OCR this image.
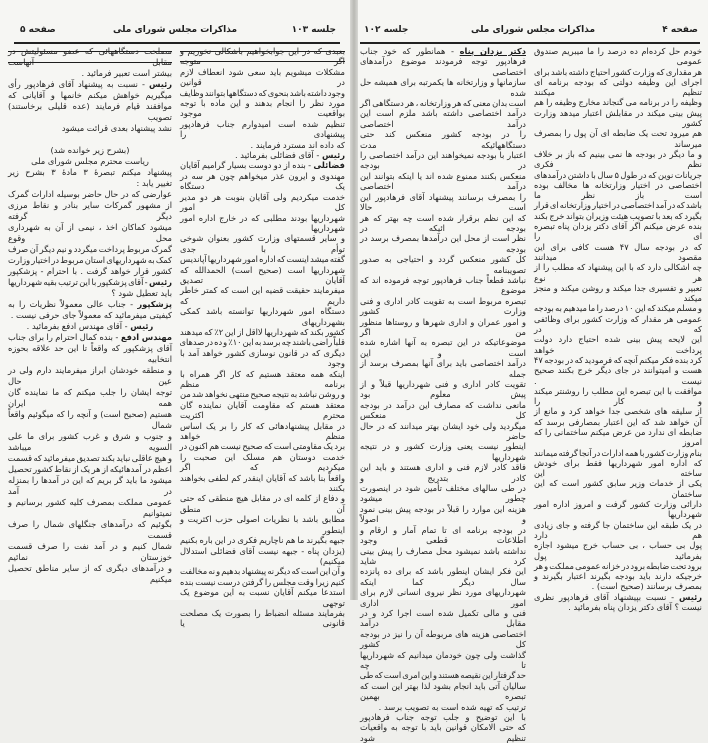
صفحه ۵	مذاکرات مجلس شورای ملی	جلسه ۱۰۳
بعبدی که در این جوابخواهیم باشکالی نخوریم و اگر متوجه
مشکلات میشویم باید سعی شود انعطاف لازم در قوانین
وجود داشته باشد بنحوی که دستگاهها بتوانند وظایف
مورد نظر را انجام بدهند و این ماده با توجه بواقعیت موجود
تنظیم شده است امیدوارم جناب فرهادپور پیشنهادی را
که داده اند مسترد فرمایند .
رئیس - آقای فضائلی بفرمائید .
فضائلی - بنده از دو دوست بسیار گرامیم آقایان
مهندوی و ایرون عذر میخواهم چون هر سه در یک دستگاه
خدمت میکردیم ولی آقایان بنوبت هر دو مدیر کل امور
شهرداریها بودند مطلبی که در خارج اداره امور شهرداریها
و سایر قسمتهای وزارت کشور بعنوان شوخی توأم با جدی
گفته میشد اینست که اداره امور شهرداریها آپاندیس
شهرداریها است (صحیح است) الحمدالله که آقایان تصدیق
میفرمایند حقیقت قضیه این است که کمتر خاطر داریم که
دستگاه امور شهرداریها توانسته باشد کمکی بشهرداریهای
کشور بکند که شهرداریها لااقل از این ۲٪ که میدهند
قلباً راضی باشند چه برسد به این ۱۰٪ و ده در صدهای
دیگری که در قانون نوسازی کشور خواهد آمد با وجود
اینکه همه معتقد هستیم که کار اگر همراه با برنامه منظم
و روشن نباشد به نتیجه صحیح منتهی نخواهد شد من
معتقد هستم که مقاومت آقایان نماینده گان محترم اکثریت
در مقابل پیشنهادهائی که کار را بر یک اساس منظم خواهد
برد یک مقاومتی است که صحیح نیست هم اکنون در
خدمت دوستان هم مسلک این صحبت را میکردیم که اگر
واقعاً بنا باشد که آقایان اینقدر کم لطفی بخواهند بکنند
و دفاع از کلمه ای در مقابل هیچ منطقی که حتی آن منطق
مطابق باشد با نظریات اصولی حزب اکثریت و اینطور
جبهه بگیرند ما هم ناچاریم فکری در این باره بکنیم
(یزدان پناه - جبهه نیست آقای فضائلی استدلال میکنیم)
و آن این است که دیگر نه پیشنهاد بدهیم و نه مخالفت
کنیم زیرا وقت مجلس را گرفتن درست نیست بنده
استدعا میکنم آقایان نسبت به این موضوع یک توجهی
بفرمایند مسئله انضباط را بصورت یک مصلحت قانونی یا
مصلحت دستگاههائی که عضو مسئولیتش در مقابل آنهاست
بیشتر است تعبیر فرمائید .
رئیس - نسبت به پیشنهاد آقای فرهادپور رأی
میگیریم خواهش میکنم خانمها و آقایانی که
موافقند قیام فرمایند (عده قلیلی برخاستند) تصویب
نشد پیشنهاد بعدی قرائت میشود

(بشرح زیر خوانده شد)
ریاست محترم مجلس شورای ملی
پیشنهاد میکنم تبصرهٔ ۳ مادهٔ ۳ بشرح زیر
تغییر یابد :
عوارضی که در حال حاضر بوسیله ادارات گمرک
از مشهور گمرکات سایر بنادر و نقاط مرزی دیگر گرفته
میشود کماکان اخذ ، نیمی از آن به شهرداری محل وقوع
گمرک مربوط پرداخت میگردد و نیم دیگر آن صرف
کمک به شهرداریهای استان مربوط در اختیار وزارت
کشور قرار خواهد گرفت . با احترام - پزشکپور
رئیس - آقای پزشکپور با این ترتیب بقیه شهرداریها
باید تعطیل شود ؟
پزشکپور - جناب عالی معمولاً نظریات را به
کیفیتی میفرمائید که معمولاً جای حرفی نیست .
رئیس - آقای مهندس ادفع بفرمائید .
مهندس ادفع - بنده کمال احترام را برای جناب
آقای پزشکپور که واقعاً تا این حد علاقه بحوزه انتخابیه
و منطقه خودشان ابراز میفرمایند دارم ولی در عین حال
توجه ایشان را جلب میکنم که ما نماینده گان همه ایران
هستیم (صحیح است) و آنچه را که میگوئیم واقعاً شمال
و جنوب و شرق و غرب کشور برای ما علی السویه میباشد
و هیچ عاقلی نباید بکند تصدیق میفرمائید که قسمت
اعظم در آمدهائیکه از هر یک از نقاط کشور تحصیل
میشود ما باید گر بریم که این در آمدها را بمنزله در آمد
عمومی مملکت بمصرف کلیه کشور برسانیم و نمیتوانیم
بگوئیم که درآمدهای جنگلهای شمال را صرف قسمت
شمال کنیم و در آمد نفت را صرف قسمت خوزستان نمائیم
و درآمدهای دیگری که از سایر مناطق تحصیل میکنیم
جلسه ۱۰۲	مذاکرات مجلس شورای ملی	صفحه ۴
خودم حل کرده‌ام ده درصد را ما میبریم صندوق عمومی
هر مقداری که وزارت کشور احتیاج داشته باشد برای
اجرای این وظیفه دولتی که بودجه برنامه ای تنظیم میکنند
وظیفه را در برنامه می گنجاند مخارج وظیفه را هم
پیش بینی میکند در مقابلش اعتبار میدهد وزارت کشور
هم میرود تحت یک ضابطه ای آن پول را بمصرف میرساند
و ما دیگر در بودجه ها نمی بینیم که باز بر خلاف نظم فکری
جریانات نوین که در طول ۵ سال با داشتن درآمدهای
اختصاصی در اختیار وزارتخانه ها مخالف بوده است باز نظر ما
باشد که در آمد اختصاصی در اختیار وزارتخانه ای قرار
بگیرد که بعد با تصویب هیئت وزیران بتواند خرج بکند
بنده عرض میکنم اگر آقای دکتر یزدان پناه تبصره ای را
که در بودجه سال ۴۷ هست کافی برای این مقصود میدانند
چه اشکالی دارد که با این پیشنهاد که مطلب را از هر نوع
تعبیر و تفسیری جدا میکند و روشن میکند و منجز میکند
و مسلم میکند که این ۱۰ درصد را ما میدهیم به بودجه
عمومی هر مقدار که وزارت کشور برای وظائفی که در
این لایحه پیش بینی شده احتیاج دارد دولت پرداخت خواهد
کرد بنده فکر میکنم آنچه که فرمودید که در بودجه ۴۷
هست و امیتوانند در جای دیگر خرج بکنند صحیح نیست .
موافقت با این تبصره این مطلب را روشنتر میکند و کار را
از سلیقه های شخصی جدا خواهد کرد و مانع از
آن خواهد شد که این اعتبار بمصارفی برسد که
ضابطه ای ندارد من عرض میکنم ساختمانی را که امروز
بنام وزارت کشور با همه ادارات در آنجا گرفته میمانند
که اداره امور شهرداریها فقط برای خودش ساخته این
یکی از خدمات وزیر سابق کشور است که این ساختمان
دارائی وزارت کشور گرفت و امروز اداره امور شهرداریها
در یک طبقه این ساختمان جا گرفته و جای زیادی هم دارد
پول بی حساب ، بی حساب خرج میشود اجازه بفرمائید پول
برود تحت ضابطه برود در خزانه عمومی مملکت و هر
خرجیکه دارند باید بودجه بگیرند اعتبار بگیرند و
بمصرف برسانند (صحیح است) .
رئیس - نسبت بپیشنهاد آقای فرهادپور نظری
نیست ؟ آقای دکتر یزدان پناه بفرمائید .
دکتر یزدان پناه - همانطور که خود جناب
فرهادپور توجه فرمودند موضوع درآمدهای اختصاصی
سازمانها و وزارتخانه ها یکمرتبه برای همیشه حل شده
است بدان معنی که هر وزارتخانه ، هر دستگاهی اگر
درآمد اختصاصی داشته باشد ملزم است این درآمد اختصاصی
را در بودجه کشور منعکس کند حتی دستگاههائیکه مدت
اعتبار با بودجه نمیخواهند این درآمد اختصاصی را در بودجه
منعکس بکنند ممنوع شده اند یا اینکه بتوانند این درآمد اختصاصی
را بمصرف برسانند پیشنهاد آقای فرهادپور این است حالا
که این نظم برقرار شده است چه بهتر که هر بودجه ائیکه در
نظر است از محل این درآمدها بمصرف برسد در بودجه
کل کشور منعکس گردد و احتیاجی به صدور تصویبنامه
نباشد قطعاً جناب فرهادپور توجه فرموده اند که موضوع
تبصره مربوط است به تقویت کادر اداری و فنی وزارت کشور
و امور عمران و اداری شهرها و روستاها منظور من اگر
موضوعاتیکه در این تبصره به آنها اشاره شده است و این
درآمد اختصاصی باید برای آنها بمصرف برسد از جمله
تقویت کادر اداری و فنی شهرداریها قبلاً و از پیش معلوم بود
مانعی نداشت که مصارف این درآمد در بودجه کل منعکس
میگردید ولی خود ایشان بهتر میدانند که در حال حاضر
اینطور نیست یعنی وزارت کشور و در نتیجه شهرداریها
فاقد کادر لازم فنی و اداری هستند و باید این کادر بتدریج و
در طی سالهای مختلف تأمین شود در اینصورت چطور میشود
هزینه این موارد را قبلاً در بودجه پیش بینی نمود و اصولاً
در بودجه برنامه ای تا تمام آمار و ارقام و اطلاعات قطعی وجود
نداشته باشد نمیشود محل مصارف را پیش بینی کرد شاید
این فکر ایشان اینطور باشد که برای ده پانزده سال دیگر کما اینکه
شهرداریهای مورد نظر نیروی انسانی لازم برای امور اداری
فنی و مالی تکمیل شده است اجرا کرد و در مقابل درآمد
اختصاصی هزینه های مربوطه آن را نیز در بودجه کل کشور
گذاشت ولی چون خودمان میدانیم که شهرداریها تا چه
حد گرفتار این نقیصه هستند و این امری است که طی
سالیان آتی باید انجام بشود لذا بهتر این است که تبصره بهمین
ترتیب که تهیه شده است به تصویب برسد .
با این توضیح و جلب توجه جناب فرهادپور
که حتی الامکان قوانین باید با توجه به واقعیات تنظیم شود
